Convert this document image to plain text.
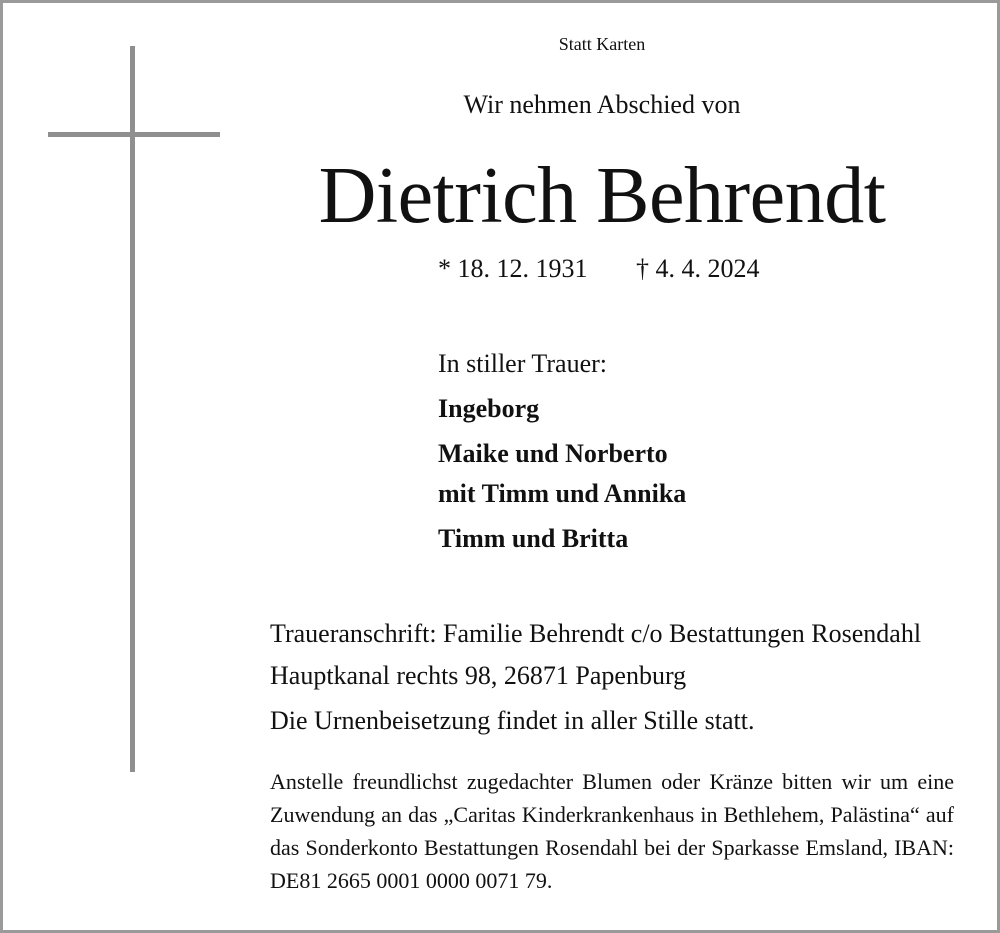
Statt Karten
Wir nehmen Abschied von
Dietrich Behrendt
* 18. 12. 1931 † 4. 4. 2024
In stiller Trauer:
Ingeborg
Maike und Norberto
mit Timm und Annika
Timm und Britta
Traueranschrift: Familie Behrendt c/o Bestattungen Rosendahl
Hauptkanal rechts 98, 26871 Papenburg
Die Urnenbeisetzung findet in aller Stille statt.
Anstelle freundlichst zugedachter Blumen oder Kränze bitten wir um eine Zuwendung an das „Caritas Kinderkrankenhaus in Bethlehem, Palästina“ auf das Sonderkonto Bestattungen Rosendahl bei der Sparkasse Emsland, IBAN: DE81 2665 0001 0000 0071 79.
